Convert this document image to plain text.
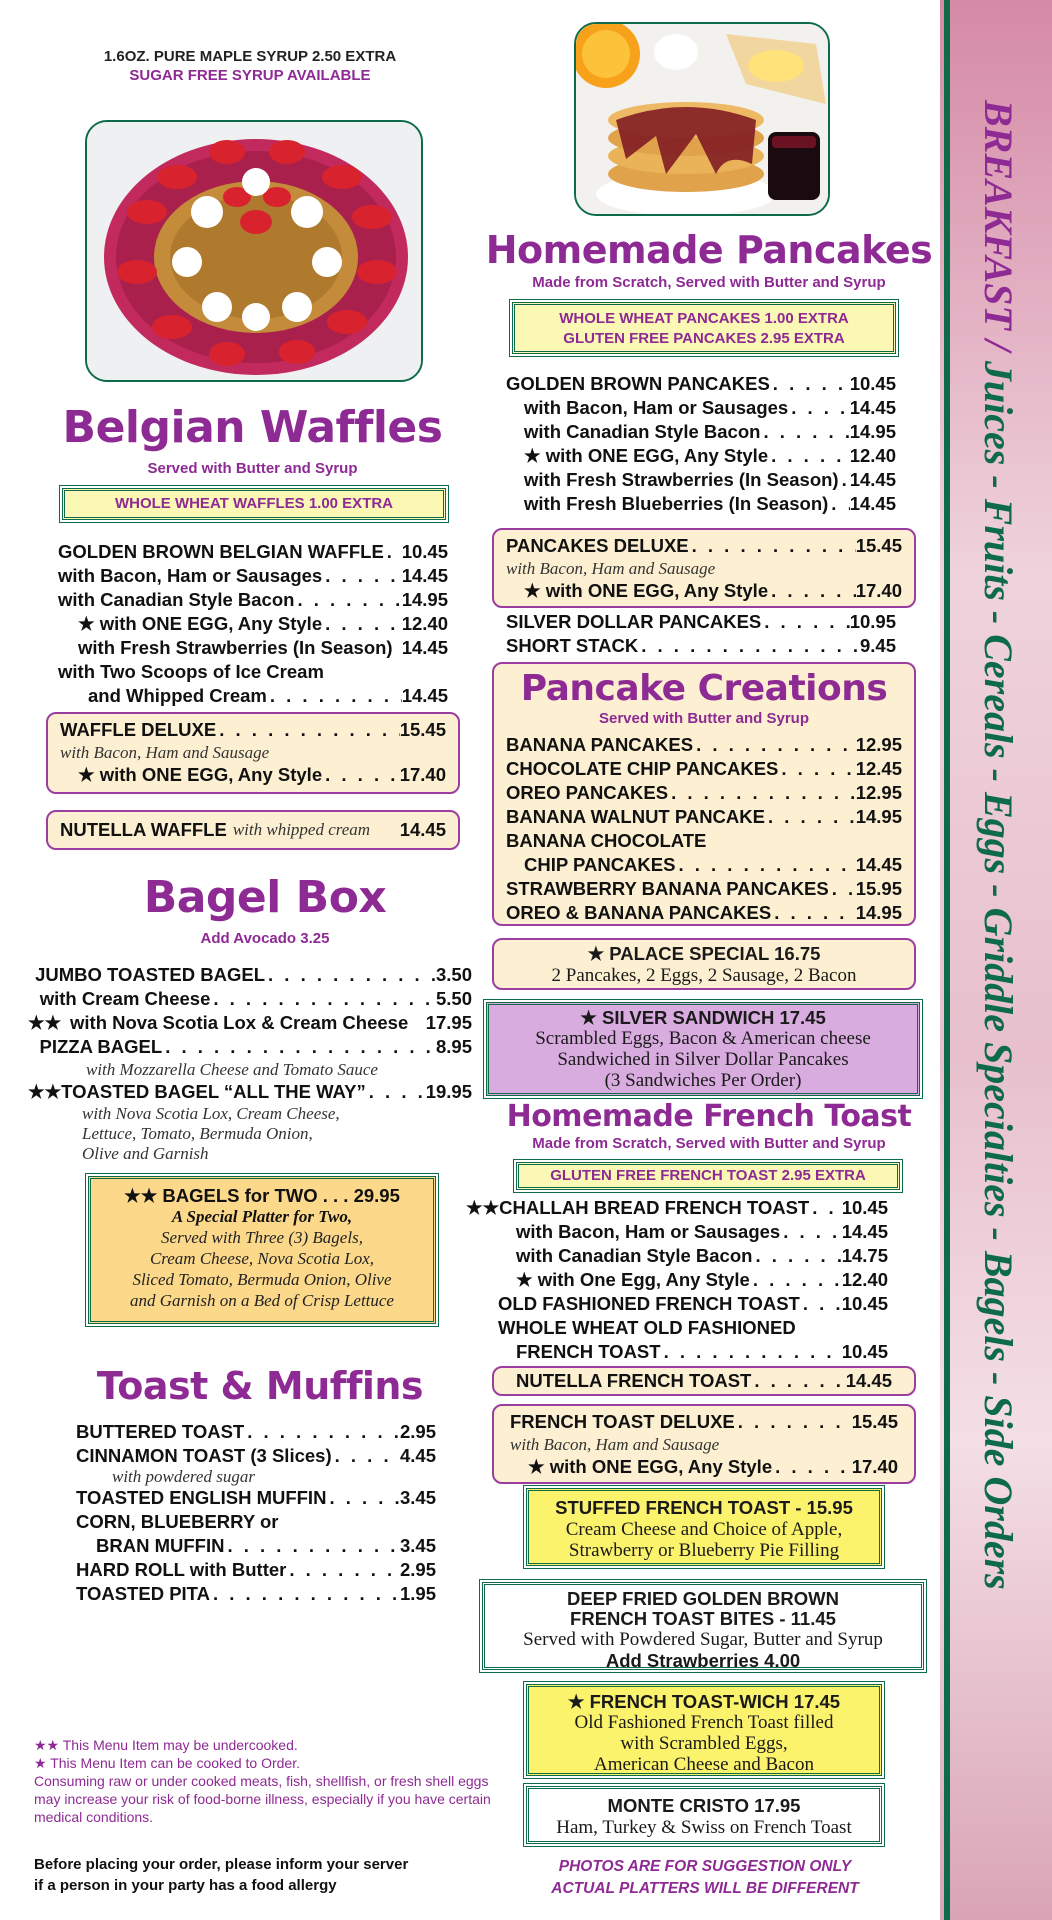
BREAKFAST / Juices - Fruits - Cereals - Eggs - Griddle Specialties - Bagels - Side Orders
1.6OZ. PURE MAPLE SYRUP 2.50 EXTRA
SUGAR FREE SYRUP AVAILABLE
Belgian Waffles
Served with Butter and Syrup
WHOLE WHEAT WAFFLES 1.00 EXTRA
GOLDEN BROWN BELGIAN WAFFLE . . . 10.45
with Bacon, Ham or Sausages . . .	14.45
with Canadian Style Bacon . . .	14.95
★ with ONE EGG, Any Style . . .	12.40
with Fresh Strawberries (In Season) 14.45
with Two Scoops of Ice Cream
and Whipped Cream . . .	14.45
WAFFLE DELUXE . . .	15.45
with Bacon, Ham and Sausage
★ with ONE EGG, Any Style . . .	17.40
NUTELLA WAFFLE with whipped cream 14.45
Bagel Box
Add Avocado 3.25
JUMBO TOASTED BAGEL . . .	3.50
with Cream Cheese . . .	5.50
★★ with Nova Scotia Lox & Cream Cheese 17.95
PIZZA BAGEL . . .	8.95
with Mozzarella Cheese and Tomato Sauce
★★ TOASTED BAGEL “ALL THE WAY” . . .	19.95
with Nova Scotia Lox, Cream Cheese,
Lettuce, Tomato, Bermuda Onion,
Olive and Garnish
★★ BAGELS for TWO . . . 29.95
A Special Platter for Two,
Served with Three (3) Bagels,
Cream Cheese, Nova Scotia Lox,
Sliced Tomato, Bermuda Onion, Olive
and Garnish on a Bed of Crisp Lettuce
Toast & Muffins
BUTTERED TOAST . . .	2.95
CINNAMON TOAST (3 Slices) . . .	4.45
with powdered sugar
TOASTED ENGLISH MUFFIN . . .	3.45
CORN, BLUEBERRY or
BRAN MUFFIN . . .	3.45
HARD ROLL with Butter . . .	2.95
TOASTED PITA . . .	1.95
★★ This Menu Item may be undercooked.
★ This Menu Item can be cooked to Order.
Consuming raw or under cooked meats, fish, shellfish, or fresh shell eggs may increase your risk of food-borne illness, especially if you have certain medical conditions.
Before placing your order, please inform your server
if a person in your party has a food allergy
Homemade Pancakes
Made from Scratch, Served with Butter and Syrup
WHOLE WHEAT PANCAKES 1.00 EXTRA
GLUTEN FREE PANCAKES 2.95 EXTRA
GOLDEN BROWN PANCAKES . . .	10.45
with Bacon, Ham or Sausages . . .	14.45
with Canadian Style Bacon . . .	14.95
★ with ONE EGG, Any Style . . .	12.40
with Fresh Strawberries (In Season) . . . 14.45
with Fresh Blueberries (In Season) . . . 14.45
PANCAKES DELUXE . . .	15.45
with Bacon, Ham and Sausage
★ with ONE EGG, Any Style . . .	17.40
SILVER DOLLAR PANCAKES . . .	10.95
SHORT STACK . . .	9.45
Pancake Creations
Served with Butter and Syrup
BANANA PANCAKES . . .	12.95
CHOCOLATE CHIP PANCAKES . . .	12.45
OREO PANCAKES . . .	12.95
BANANA WALNUT PANCAKE . . .	14.95
BANANA CHOCOLATE
CHIP PANCAKES . . .	14.45
STRAWBERRY BANANA PANCAKES . . . 15.95
OREO & BANANA PANCAKES . . .	14.95
★ PALACE SPECIAL 16.75
2 Pancakes, 2 Eggs, 2 Sausage, 2 Bacon
★ SILVER SANDWICH 17.45
Scrambled Eggs, Bacon & American cheese
Sandwiched in Silver Dollar Pancakes
(3 Sandwiches Per Order)
Homemade French Toast
Made from Scratch, Served with Butter and Syrup
GLUTEN FREE FRENCH TOAST 2.95 EXTRA
★★CHALLAH BREAD FRENCH TOAST . . . 10.45
with Bacon, Ham or Sausages . . .	14.45
with Canadian Style Bacon . . .	14.75
★ with One Egg, Any Style . . .	12.40
OLD FASHIONED FRENCH TOAST . . . 10.45
WHOLE WHEAT OLD FASHIONED
FRENCH TOAST . . .	10.45
NUTELLA FRENCH TOAST . . .	14.45
FRENCH TOAST DELUXE . . .	15.45
with Bacon, Ham and Sausage
★ with ONE EGG, Any Style . . .	17.40
STUFFED FRENCH TOAST - 15.95
Cream Cheese and Choice of Apple,
Strawberry or Blueberry Pie Filling
DEEP FRIED GOLDEN BROWN
FRENCH TOAST BITES - 11.45
Served with Powdered Sugar, Butter and Syrup
Add Strawberries 4.00
★ FRENCH TOAST-WICH 17.45
Old Fashioned French Toast filled
with Scrambled Eggs,
American Cheese and Bacon
MONTE CRISTO 17.95
Ham, Turkey & Swiss on French Toast
PHOTOS ARE FOR SUGGESTION ONLY
ACTUAL PLATTERS WILL BE DIFFERENT
